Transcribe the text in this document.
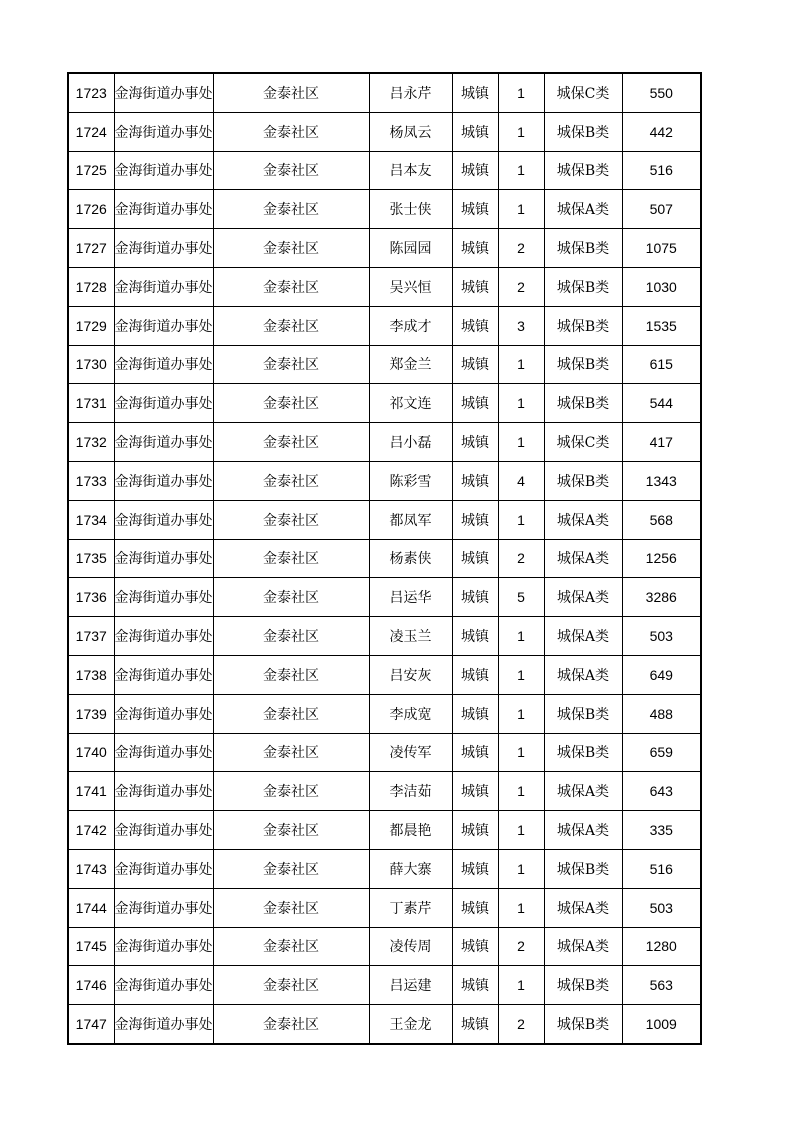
1723	金海街道办事处	金泰社区	吕永芹	城镇	1	城保C类	550
1724	金海街道办事处	金泰社区	杨凤云	城镇	1	城保B类	442
1725	金海街道办事处	金泰社区	吕本友	城镇	1	城保B类	516
1726	金海街道办事处	金泰社区	张士侠	城镇	1	城保A类	507
1727	金海街道办事处	金泰社区	陈园园	城镇	2	城保B类	1075
1728	金海街道办事处	金泰社区	吴兴恒	城镇	2	城保B类	1030
1729	金海街道办事处	金泰社区	李成才	城镇	3	城保B类	1535
1730	金海街道办事处	金泰社区	郑金兰	城镇	1	城保B类	615
1731	金海街道办事处	金泰社区	祁文连	城镇	1	城保B类	544
1732	金海街道办事处	金泰社区	吕小磊	城镇	1	城保C类	417
1733	金海街道办事处	金泰社区	陈彩雪	城镇	4	城保B类	1343
1734	金海街道办事处	金泰社区	都凤军	城镇	1	城保A类	568
1735	金海街道办事处	金泰社区	杨素侠	城镇	2	城保A类	1256
1736	金海街道办事处	金泰社区	吕运华	城镇	5	城保A类	3286
1737	金海街道办事处	金泰社区	凌玉兰	城镇	1	城保A类	503
1738	金海街道办事处	金泰社区	吕安灰	城镇	1	城保A类	649
1739	金海街道办事处	金泰社区	李成宽	城镇	1	城保B类	488
1740	金海街道办事处	金泰社区	凌传军	城镇	1	城保B类	659
1741	金海街道办事处	金泰社区	李洁茹	城镇	1	城保A类	643
1742	金海街道办事处	金泰社区	都晨艳	城镇	1	城保A类	335
1743	金海街道办事处	金泰社区	薛大寨	城镇	1	城保B类	516
1744	金海街道办事处	金泰社区	丁素芹	城镇	1	城保A类	503
1745	金海街道办事处	金泰社区	凌传周	城镇	2	城保A类	1280
1746	金海街道办事处	金泰社区	吕运建	城镇	1	城保B类	563
1747	金海街道办事处	金泰社区	王金龙	城镇	2	城保B类	1009
